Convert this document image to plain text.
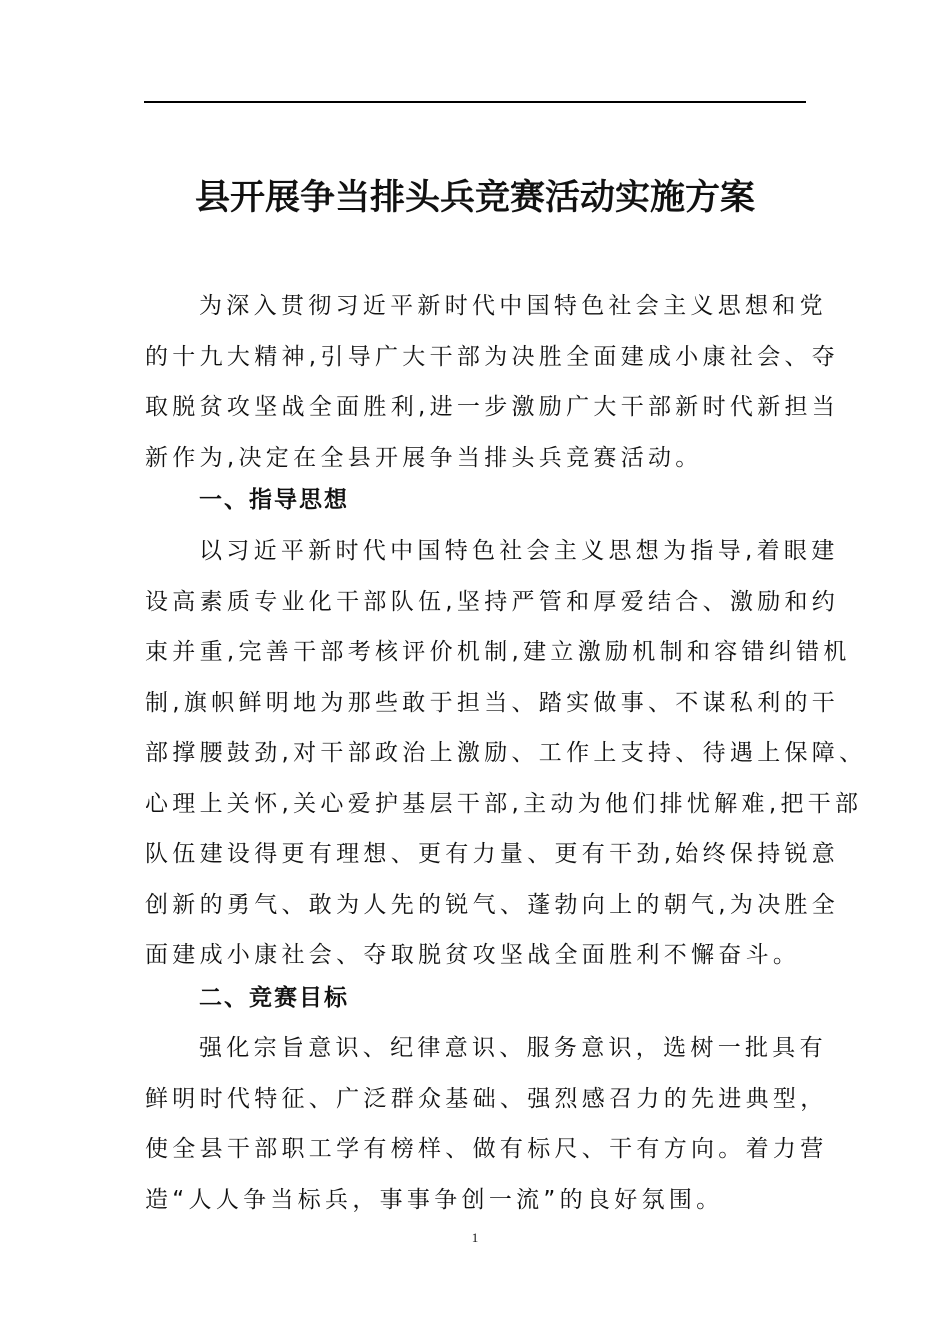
县开展争当排头兵竞赛活动实施方案
为深入贯彻习近平新时代中国特色社会主义思想和党
的十九大精神,引导广大干部为决胜全面建成小康社会、夺
取脱贫攻坚战全面胜利,进一步激励广大干部新时代新担当
新作为,决定在全县开展争当排头兵竞赛活动。
一、指导思想
以习近平新时代中国特色社会主义思想为指导,着眼建
设高素质专业化干部队伍,坚持严管和厚爱结合、激励和约
束并重,完善干部考核评价机制,建立激励机制和容错纠错机
制,旗帜鲜明地为那些敢于担当、踏实做事、不谋私利的干
部撑腰鼓劲,对干部政治上激励、工作上支持、待遇上保障、
心理上关怀,关心爱护基层干部,主动为他们排忧解难,把干部
队伍建设得更有理想、更有力量、更有干劲,始终保持锐意
创新的勇气、敢为人先的锐气、蓬勃向上的朝气,为决胜全
面建成小康社会、夺取脱贫攻坚战全面胜利不懈奋斗。
二、竞赛目标
强化宗旨意识、纪律意识、服务意识，选树一批具有
鲜明时代特征、广泛群众基础、强烈感召力的先进典型，
使全县干部职工学有榜样、做有标尺、干有方向。着力营
造“人人争当标兵，事事争创一流”的良好氛围。
1
